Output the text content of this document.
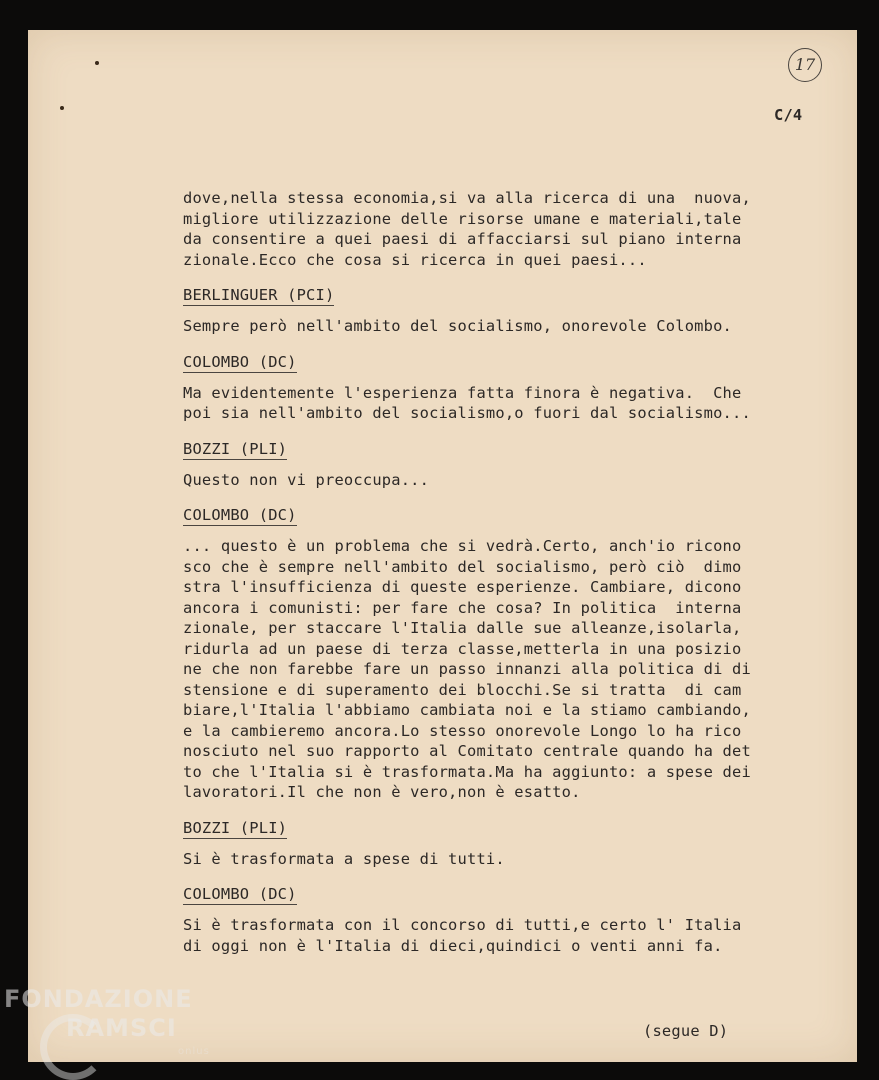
17
C/4

dove,nella stessa economia,si va alla ricerca di una  nuova,
migliore utilizzazione delle risorse umane e materiali,tale
da consentire a quei paesi di affacciarsi sul piano interna
zionale.Ecco che cosa si ricerca in quei paesi...

BERLINGUER (PCI)

Sempre però nell'ambito del socialismo, onorevole Colombo.

COLOMBO (DC)

Ma evidentemente l'esperienza fatta finora è negativa.  Che
poi sia nell'ambito del socialismo,o fuori dal socialismo...

BOZZI (PLI)

Questo non vi preoccupa...

COLOMBO (DC)

... questo è un problema che si vedrà.Certo, anch'io ricono
sco che è sempre nell'ambito del socialismo, però ciò  dimo
stra l'insufficienza di queste esperienze. Cambiare, dicono
ancora i comunisti: per fare che cosa? In politica  interna
zionale, per staccare l'Italia dalle sue alleanze,isolarla,
ridurla ad un paese di terza classe,metterla in una posizio
ne che non farebbe fare un passo innanzi alla politica di di
stensione e di superamento dei blocchi.Se si tratta  di cam
biare,l'Italia l'abbiamo cambiata noi e la stiamo cambiando,
e la cambieremo ancora.Lo stesso onorevole Longo lo ha rico
nosciuto nel suo rapporto al Comitato centrale quando ha det
to che l'Italia si è trasformata.Ma ha aggiunto: a spese dei
lavoratori.Il che non è vero,non è esatto.

BOZZI (PLI)

Si è trasformata a spese di tutti.

COLOMBO (DC)

Si è trasformata con il concorso di tutti,e certo l' Italia
di oggi non è l'Italia di dieci,quindici o venti anni fa.

(segue D)
FONDAZIONE
RAMSCI
onlus
